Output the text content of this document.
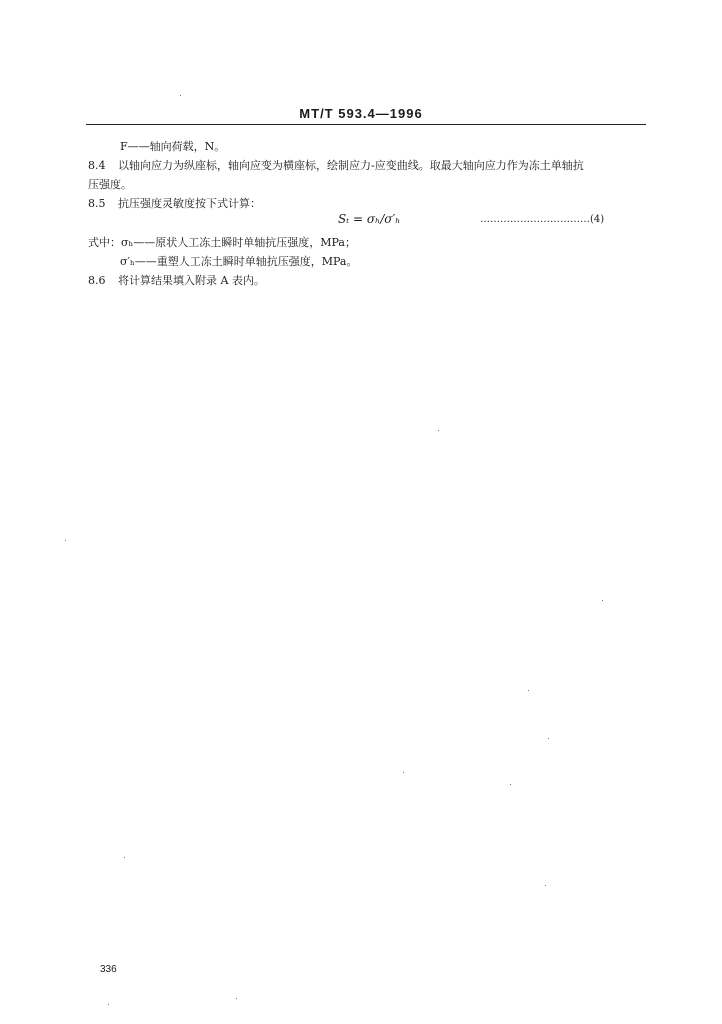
MT/T 593.4—1996
F——轴向荷载，N。
8.4 以轴向应力为纵座标，轴向应变为横座标，绘制应力-应变曲线。取最大轴向应力作为冻土单轴抗
压强度。
8.5 抗压强度灵敏度按下式计算：
Sₜ = σₕ/σ′ₕ	……………………………(4)
式中：σₕ——原状人工冻土瞬时单轴抗压强度，MPa；
σ′ₕ——重塑人工冻土瞬时单轴抗压强度，MPa。
8.6 将计算结果填入附录 A 表内。
336
